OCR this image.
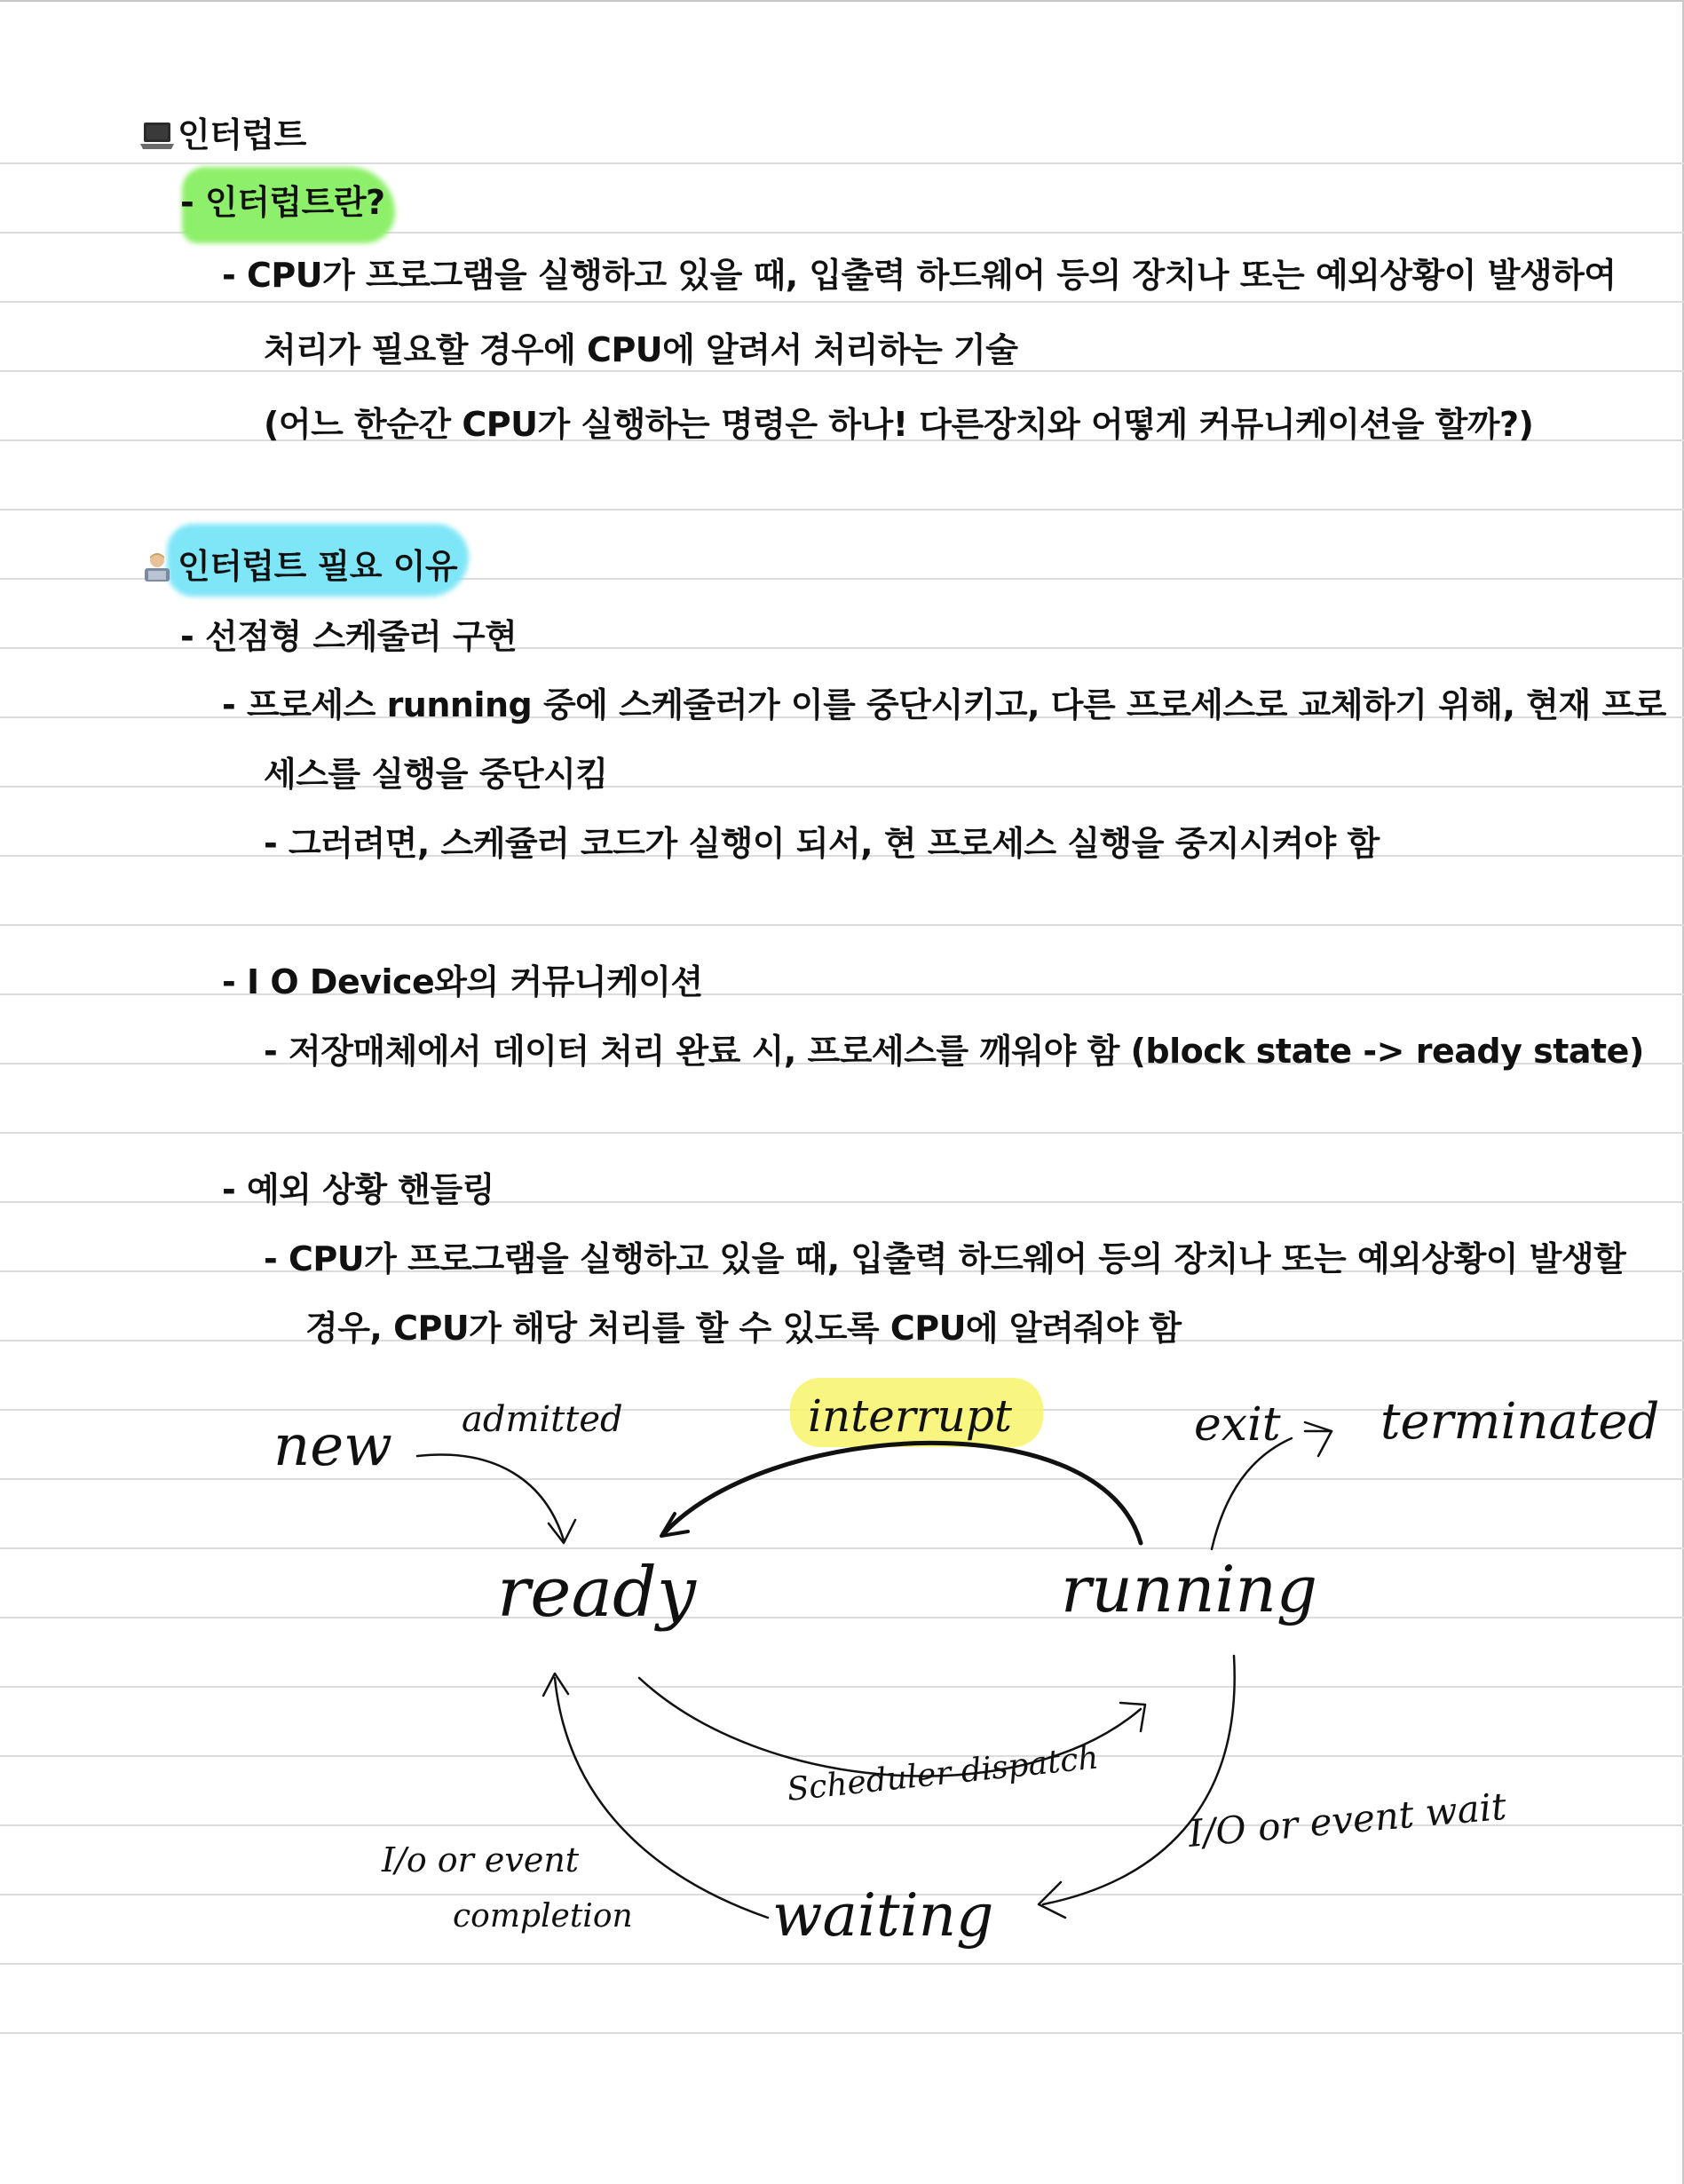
인터럽트
- 인터럽트란?
- CPU가 프로그램을 실행하고 있을 때, 입출력 하드웨어 등의 장치나 또는 예외상황이 발생하여
처리가 필요할 경우에 CPU에 알려서 처리하는 기술
(어느 한순간 CPU가 실행하는 명령은 하나! 다른장치와 어떻게 커뮤니케이션을 할까?)
인터럽트 필요 이유
- 선점형 스케줄러 구현
- 프로세스 running 중에 스케줄러가 이를 중단시키고, 다른 프로세스로 교체하기 위해, 현재 프로
세스를 실행을 중단시킴
- 그러려면, 스케쥴러 코드가 실행이 되서, 현 프로세스 실행을 중지시켜야 함
- I O Device와의 커뮤니케이션
- 저장매체에서 데이터 처리 완료 시, 프로세스를 깨워야 함 (block state -> ready state)
- 예외 상황 핸들링
- CPU가 프로그램을 실행하고 있을 때, 입출력 하드웨어 등의 장치나 또는 예외상황이 발생할
경우, CPU가 해당 처리를 할 수 있도록 CPU에 알려줘야 함
new
ready	running
waiting
terminated
admitted	interrupt	exit
Scheduler dispatch
I/O or event wait
I/o or event
completion
